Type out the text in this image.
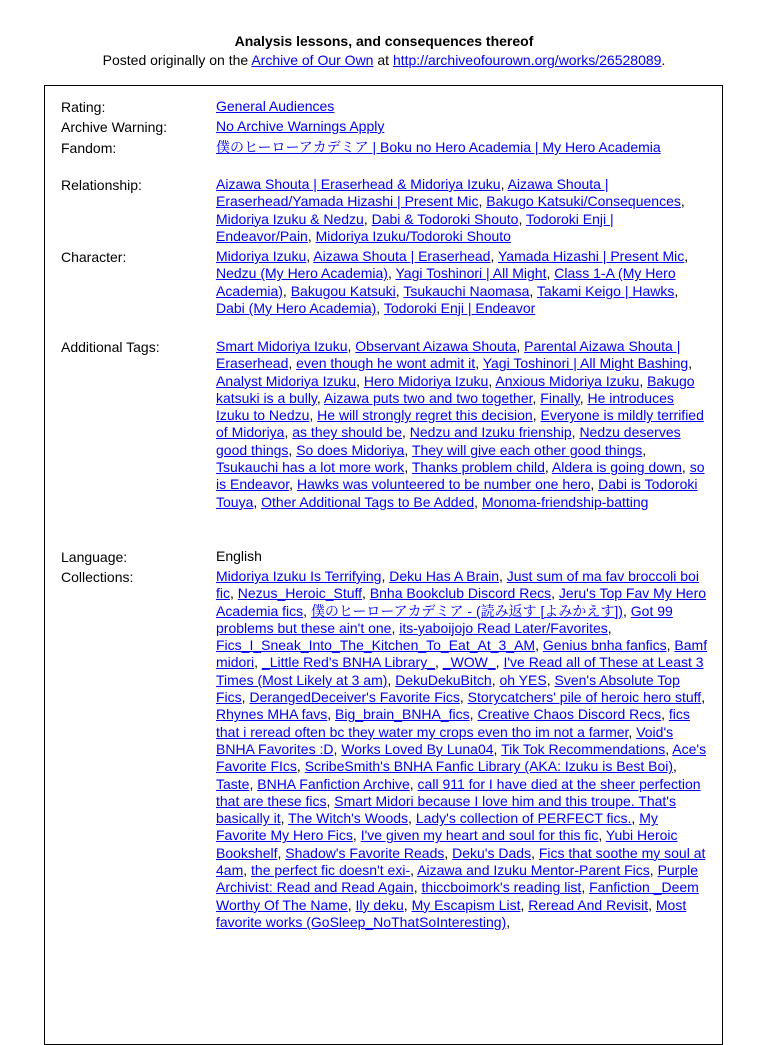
Analysis lessons, and consequences thereof
Posted originally on the Archive of Our Own at http://archiveofourown.org/works/26528089.
Rating:	General Audiences
Archive Warning:	No Archive Warnings Apply
Fandom:	僕のヒーローアカデミア | Boku no Hero Academia | My Hero Academia
Relationship:	Aizawa Shouta | Eraserhead & Midoriya Izuku, Aizawa Shouta | Eraserhead/Yamada Hizashi | Present Mic, Bakugo Katsuki/Consequences, Midoriya Izuku & Nedzu, Dabi & Todoroki Shouto, Todoroki Enji | Endeavor/Pain, Midoriya Izuku/Todoroki Shouto
Character:	Midoriya Izuku, Aizawa Shouta | Eraserhead, Yamada Hizashi | Present Mic, Nedzu (My Hero Academia), Yagi Toshinori | All Might, Class 1-A (My Hero Academia), Bakugou Katsuki, Tsukauchi Naomasa, Takami Keigo | Hawks, Dabi (My Hero Academia), Todoroki Enji | Endeavor
Additional Tags:	Smart Midoriya Izuku, Observant Aizawa Shouta, Parental Aizawa Shouta | Eraserhead, even though he wont admit it, Yagi Toshinori | All Might Bashing, Analyst Midoriya Izuku, Hero Midoriya Izuku, Anxious Midoriya Izuku, Bakugo katsuki is a bully, Aizawa puts two and two together, Finally, He introduces Izuku to Nedzu, He will strongly regret this decision, Everyone is mildly terrified of Midoriya, as they should be, Nedzu and Izuku frienship, Nedzu deserves good things, So does Midoriya, They will give each other good things, Tsukauchi has a lot more work, Thanks problem child, Aldera is going down, so is Endeavor, Hawks was volunteered to be number one hero, Dabi is Todoroki Touya, Other Additional Tags to Be Added, Monoma-friendship-batting
Language:	English
Collections:	Midoriya Izuku Is Terrifying, Deku Has A Brain, Just sum of ma fav broccoli boi fic, Nezus_Heroic_Stuff, Bnha Bookclub Discord Recs, Jeru's Top Fav My Hero Academia fics, 僕のヒーローアカデミア - (読み返す [よみかえす]), Got 99 problems but these ain't one, its-yaboijojo Read Later/Favorites, Fics_I_Sneak_Into_The_Kitchen_To_Eat_At_3_AM, Genius bnha fanfics, Bamf midori, _Little Red's BNHA Library_, _WOW_, I've Read all of These at Least 3 Times (Most Likely at 3 am), DekuDekuBitch, oh YES, Sven's Absolute Top Fics, DerangedDeceiver's Favorite Fics, Storycatchers' pile of heroic hero stuff, Rhynes MHA favs, Big_brain_BNHA_fics, Creative Chaos Discord Recs, fics that i reread often bc they water my crops even tho im not a farmer, Void's BNHA Favorites :D, Works Loved By Luna04, Tik Tok Recommendations, Ace's Favorite FIcs, ScribeSmith's BNHA Fanfic Library (AKA: Izuku is Best Boi), Taste, BNHA Fanfiction Archive, call 911 for I have died at the sheer perfection that are these fics, Smart Midori because I love him and this troupe. That's basically it, The Witch's Woods, Lady's collection of PERFECT fics., My Favorite My Hero Fics, I've given my heart and soul for this fic, Yubi Heroic Bookshelf, Shadow's Favorite Reads, Deku's Dads, Fics that soothe my soul at 4am, the perfect fic doesn't exi-, Aizawa and Izuku Mentor-Parent Fics, Purple Archivist: Read and Read Again, thiccboimork's reading list, Fanfiction _Deem Worthy Of The Name, Ily deku, My Escapism List, Reread And Revisit, Most favorite works (GoSleep_NoThatSoInteresting),
